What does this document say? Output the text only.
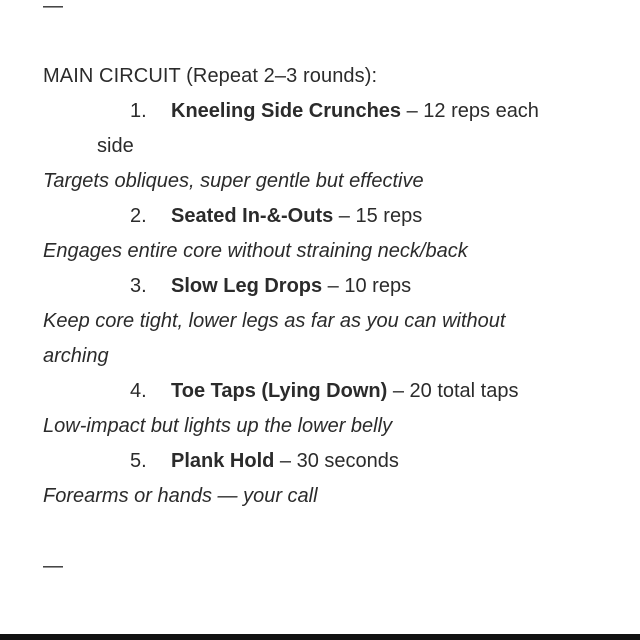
—
MAIN CIRCUIT (Repeat 2–3 rounds):
1. Kneeling Side Crunches – 12 reps each
side
Targets obliques, super gentle but effective
2. Seated In-&-Outs – 15 reps
Engages entire core without straining neck/back
3. Slow Leg Drops – 10 reps
Keep core tight, lower legs as far as you can without
arching
4. Toe Taps (Lying Down) – 20 total taps
Low-impact but lights up the lower belly
5. Plank Hold – 30 seconds
Forearms or hands — your call
—
